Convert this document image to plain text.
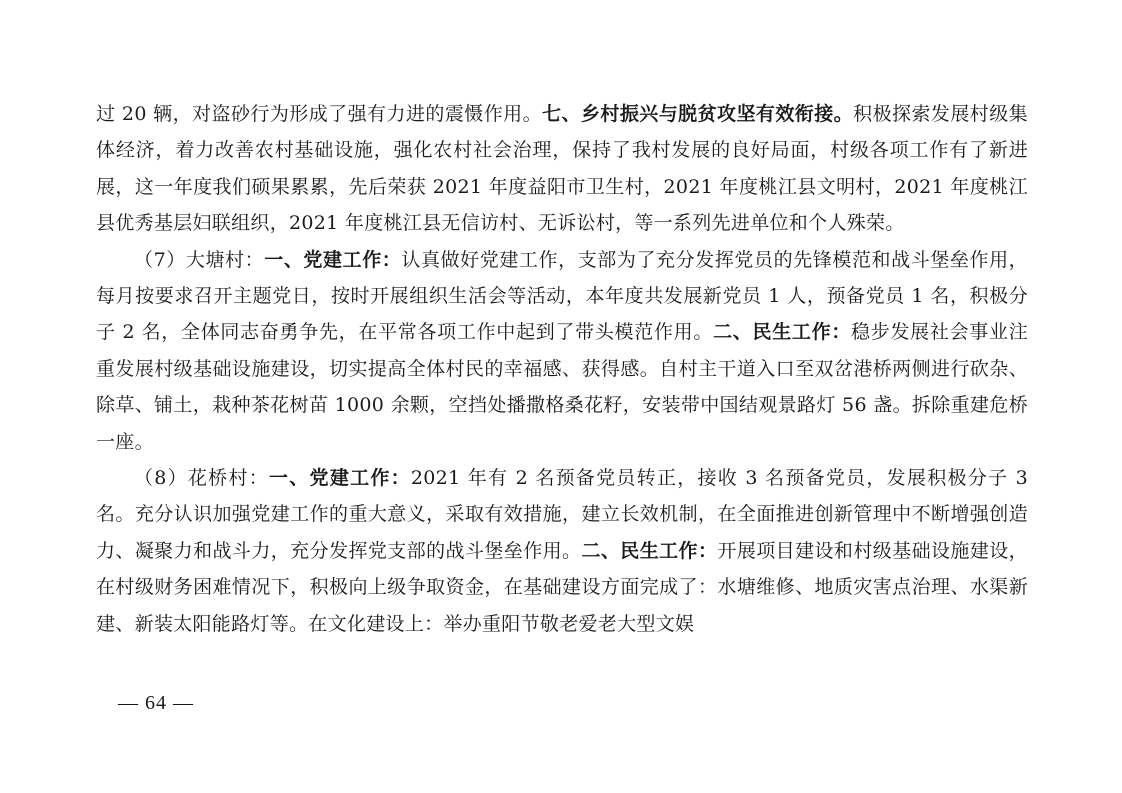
过 20 辆，对盗砂行为形成了强有力进的震慑作用。七、乡村振兴与脱贫攻坚有效衔接。积极探索发展村级集体经济，着力改善农村基础设施，强化农村社会治理，保持了我村发展的良好局面，村级各项工作有了新进展，这一年度我们硕果累累，先后荣获 2021 年度益阳市卫生村，2021 年度桃江县文明村，2021 年度桃江县优秀基层妇联组织，2021 年度桃江县无信访村、无诉讼村，等一系列先进单位和个人殊荣。

（7）大塘村：一、党建工作：认真做好党建工作，支部为了充分发挥党员的先锋模范和战斗堡垒作用，每月按要求召开主题党日，按时开展组织生活会等活动，本年度共发展新党员 1 人，预备党员 1 名，积极分子 2 名，全体同志奋勇争先，在平常各项工作中起到了带头模范作用。二、民生工作：稳步发展社会事业注重发展村级基础设施建设，切实提高全体村民的幸福感、获得感。自村主干道入口至双岔港桥两侧进行砍杂、除草、铺土，栽种茶花树苗 1000 余颗，空挡处播撒格桑花籽，安装带中国结观景路灯 56 盏。拆除重建危桥一座。

（8）花桥村：一、党建工作：2021 年有 2 名预备党员转正，接收 3 名预备党员，发展积极分子 3 名。充分认识加强党建工作的重大意义，采取有效措施，建立长效机制，在全面推进创新管理中不断增强创造力、凝聚力和战斗力，充分发挥党支部的战斗堡垒作用。二、民生工作：开展项目建设和村级基础设施建设，在村级财务困难情况下，积极向上级争取资金，在基础建设方面完成了：水塘维修、地质灾害点治理、水渠新建、新装太阳能路灯等。在文化建设上：举办重阳节敬老爱老大型文娱

— 64 —
